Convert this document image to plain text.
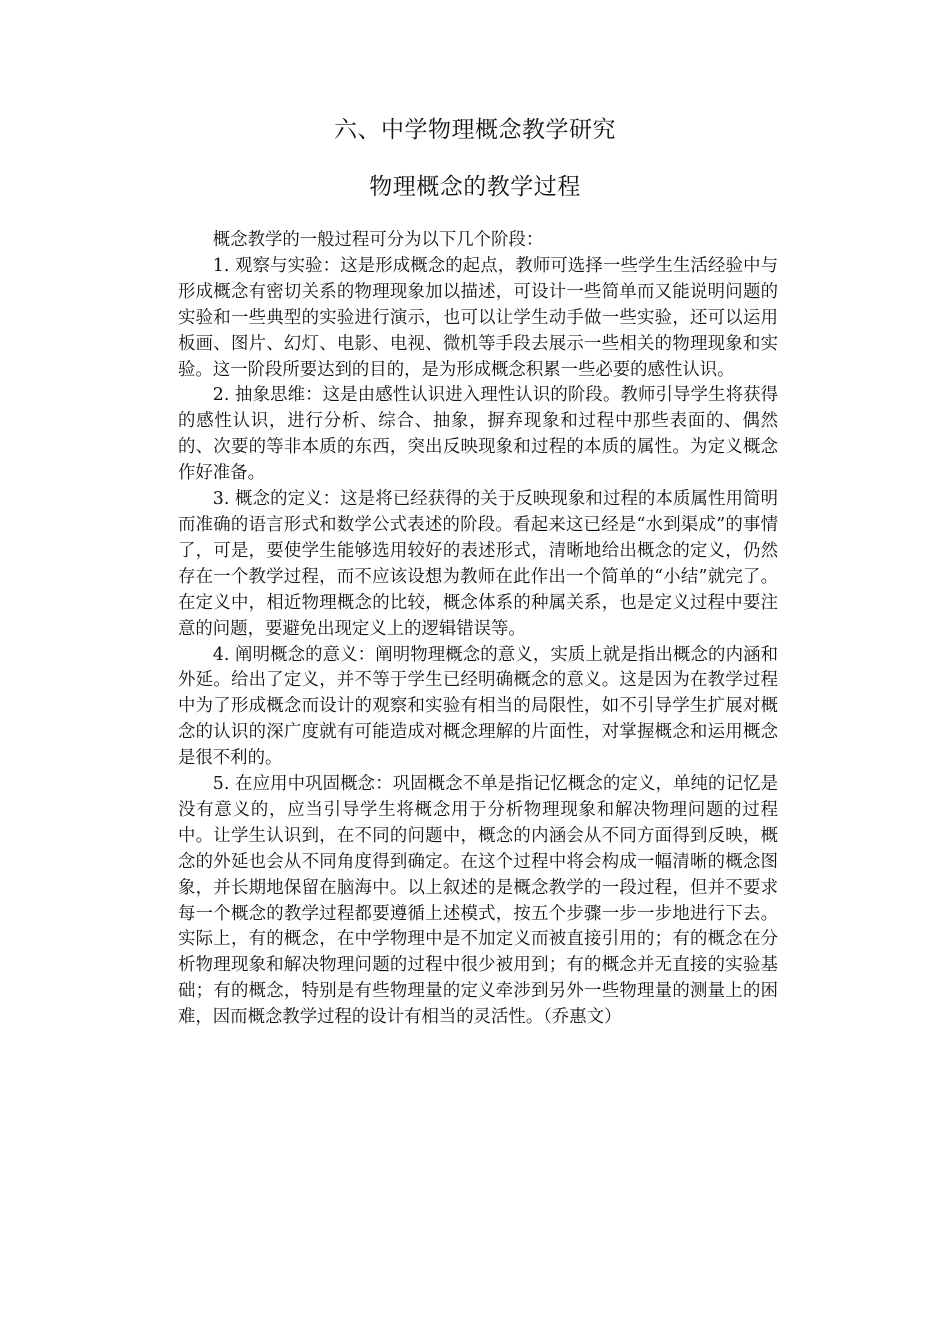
六、中学物理概念教学研究
物理概念的教学过程

概念教学的一般过程可分为以下几个阶段：

1. 观察与实验：这是形成概念的起点，教师可选择一些学生生活经验中与形成概念有密切关系的物理现象加以描述，可设计一些简单而又能说明问题的实验和一些典型的实验进行演示，也可以让学生动手做一些实验，还可以运用板画、图片、幻灯、电影、电视、微机等手段去展示一些相关的物理现象和实验。这一阶段所要达到的目的，是为形成概念积累一些必要的感性认识。

2. 抽象思维：这是由感性认识进入理性认识的阶段。教师引导学生将获得的感性认识，进行分析、综合、抽象，摒弃现象和过程中那些表面的、偶然的、次要的等非本质的东西，突出反映现象和过程的本质的属性。为定义概念作好准备。

3. 概念的定义：这是将已经获得的关于反映现象和过程的本质属性用简明而准确的语言形式和数学公式表述的阶段。看起来这已经是“水到渠成”的事情了，可是，要使学生能够选用较好的表述形式，清晰地给出概念的定义，仍然存在一个教学过程，而不应该设想为教师在此作出一个简单的“小结”就完了。在定义中，相近物理概念的比较，概念体系的种属关系，也是定义过程中要注意的问题，要避免出现定义上的逻辑错误等。

4. 阐明概念的意义：阐明物理概念的意义，实质上就是指出概念的内涵和外延。给出了定义，并不等于学生已经明确概念的意义。这是因为在教学过程中为了形成概念而设计的观察和实验有相当的局限性，如不引导学生扩展对概念的认识的深广度就有可能造成对概念理解的片面性，对掌握概念和运用概念是很不利的。

5. 在应用中巩固概念：巩固概念不单是指记忆概念的定义，单纯的记忆是没有意义的，应当引导学生将概念用于分析物理现象和解决物理问题的过程中。让学生认识到，在不同的问题中，概念的内涵会从不同方面得到反映，概念的外延也会从不同角度得到确定。在这个过程中将会构成一幅清晰的概念图象，并长期地保留在脑海中。以上叙述的是概念教学的一段过程，但并不要求每一个概念的教学过程都要遵循上述模式，按五个步骤一步一步地进行下去。实际上，有的概念，在中学物理中是不加定义而被直接引用的；有的概念在分析物理现象和解决物理问题的过程中很少被用到；有的概念并无直接的实验基础；有的概念，特别是有些物理量的定义牵涉到另外一些物理量的测量上的困难，因而概念教学过程的设计有相当的灵活性。（乔惠文）
